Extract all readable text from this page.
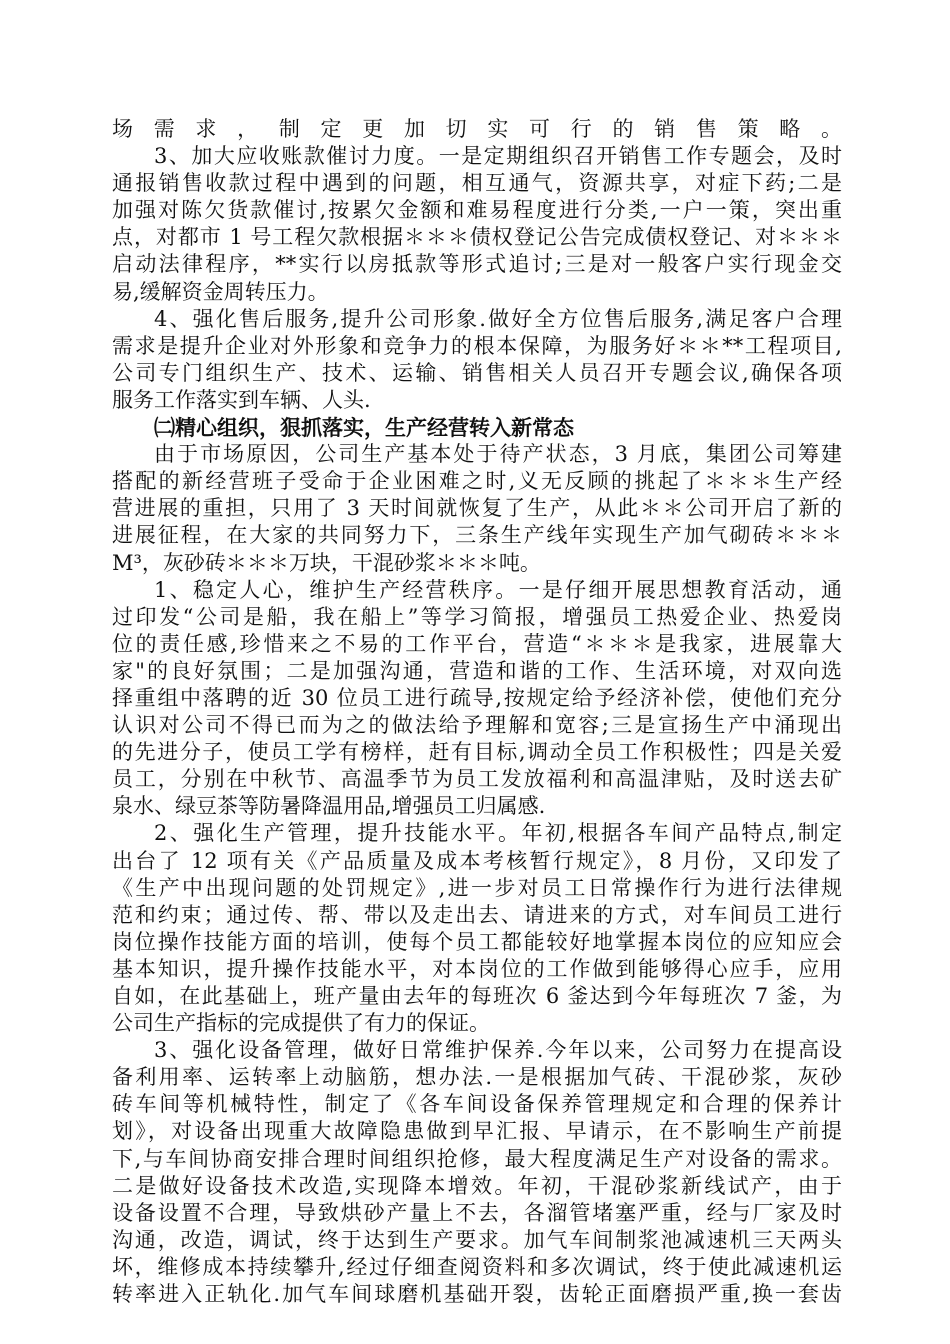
场需求，制定更加切实可行的销售策略。
3、加大应收账款催讨力度。一是定期组织召开销售工作专题会，及时
通报销售收款过程中遇到的问题，相互通气，资源共享，对症下药;二是
加强对陈欠货款催讨,按累欠金额和难易程度进行分类,一户一策，突出重
点，对都市 1 号工程欠款根据＊＊＊债权登记公告完成债权登记、对＊＊＊
启动法律程序，**实行以房抵款等形式追讨;三是对一般客户实行现金交
易,缓解资金周转压力。
4、强化售后服务,提升公司形象.做好全方位售后服务,满足客户合理
需求是提升企业对外形象和竞争力的根本保障，为服务好＊＊**工程项目,
公司专门组织生产、技术、运输、销售相关人员召开专题会议,确保各项
服务工作落实到车辆、人头.
㈡精心组织，狠抓落实，生产经营转入新常态
由于市场原因，公司生产基本处于待产状态，3 月底，集团公司筹建
搭配的新经营班子受命于企业困难之时,义无反顾的挑起了＊＊＊生产经
营进展的重担，只用了 3 天时间就恢复了生产，从此＊＊公司开启了新的
进展征程，在大家的共同努力下，三条生产线年实现生产加气砌砖＊＊＊
M³，灰砂砖＊＊＊万块，干混砂浆＊＊＊吨。
1、稳定人心，维护生产经营秩序。一是仔细开展思想教育活动，通
过印发“公司是船，我在船上”等学习简报，增强员工热爱企业、热爱岗
位的责任感,珍惜来之不易的工作平台，营造“＊＊＊是我家，进展靠大
家"的良好氛围；二是加强沟通，营造和谐的工作、生活环境，对双向选
择重组中落聘的近 30 位员工进行疏导,按规定给予经济补偿，使他们充分
认识对公司不得已而为之的做法给予理解和宽容;三是宣扬生产中涌现出
的先进分子，使员工学有榜样，赶有目标,调动全员工作积极性；四是关爱
员工，分别在中秋节、高温季节为员工发放福利和高温津贴，及时送去矿
泉水、绿豆茶等防暑降温用品,增强员工归属感.
2、强化生产管理，提升技能水平。年初,根据各车间产品特点,制定
出台了 12 项有关《产品质量及成本考核暂行规定》，8 月份，又印发了
《生产中出现问题的处罚规定》,进一步对员工日常操作行为进行法律规
范和约束；通过传、帮、带以及走出去、请进来的方式，对车间员工进行
岗位操作技能方面的培训，使每个员工都能较好地掌握本岗位的应知应会
基本知识，提升操作技能水平，对本岗位的工作做到能够得心应手，应用
自如，在此基础上，班产量由去年的每班次 6 釜达到今年每班次 7 釜，为
公司生产指标的完成提供了有力的保证。
3、强化设备管理，做好日常维护保养.今年以来，公司努力在提高设
备利用率、运转率上动脑筋，想办法.一是根据加气砖、干混砂浆，灰砂
砖车间等机械特性，制定了《各车间设备保养管理规定和合理的保养计
划》，对设备出现重大故障隐患做到早汇报、早请示，在不影响生产前提
下,与车间协商安排合理时间组织抢修，最大程度满足生产对设备的需求。
二是做好设备技术改造,实现降本增效。年初，干混砂浆新线试产，由于
设备设置不合理，导致烘砂产量上不去，各溜管堵塞严重，经与厂家及时
沟通，改造，调试，终于达到生产要求。加气车间制浆池减速机三天两头
坏，维修成本持续攀升,经过仔细查阅资料和多次调试，终于使此减速机运
转率进入正轨化.加气车间球磨机基础开裂，齿轮正面磨损严重,换一套齿
